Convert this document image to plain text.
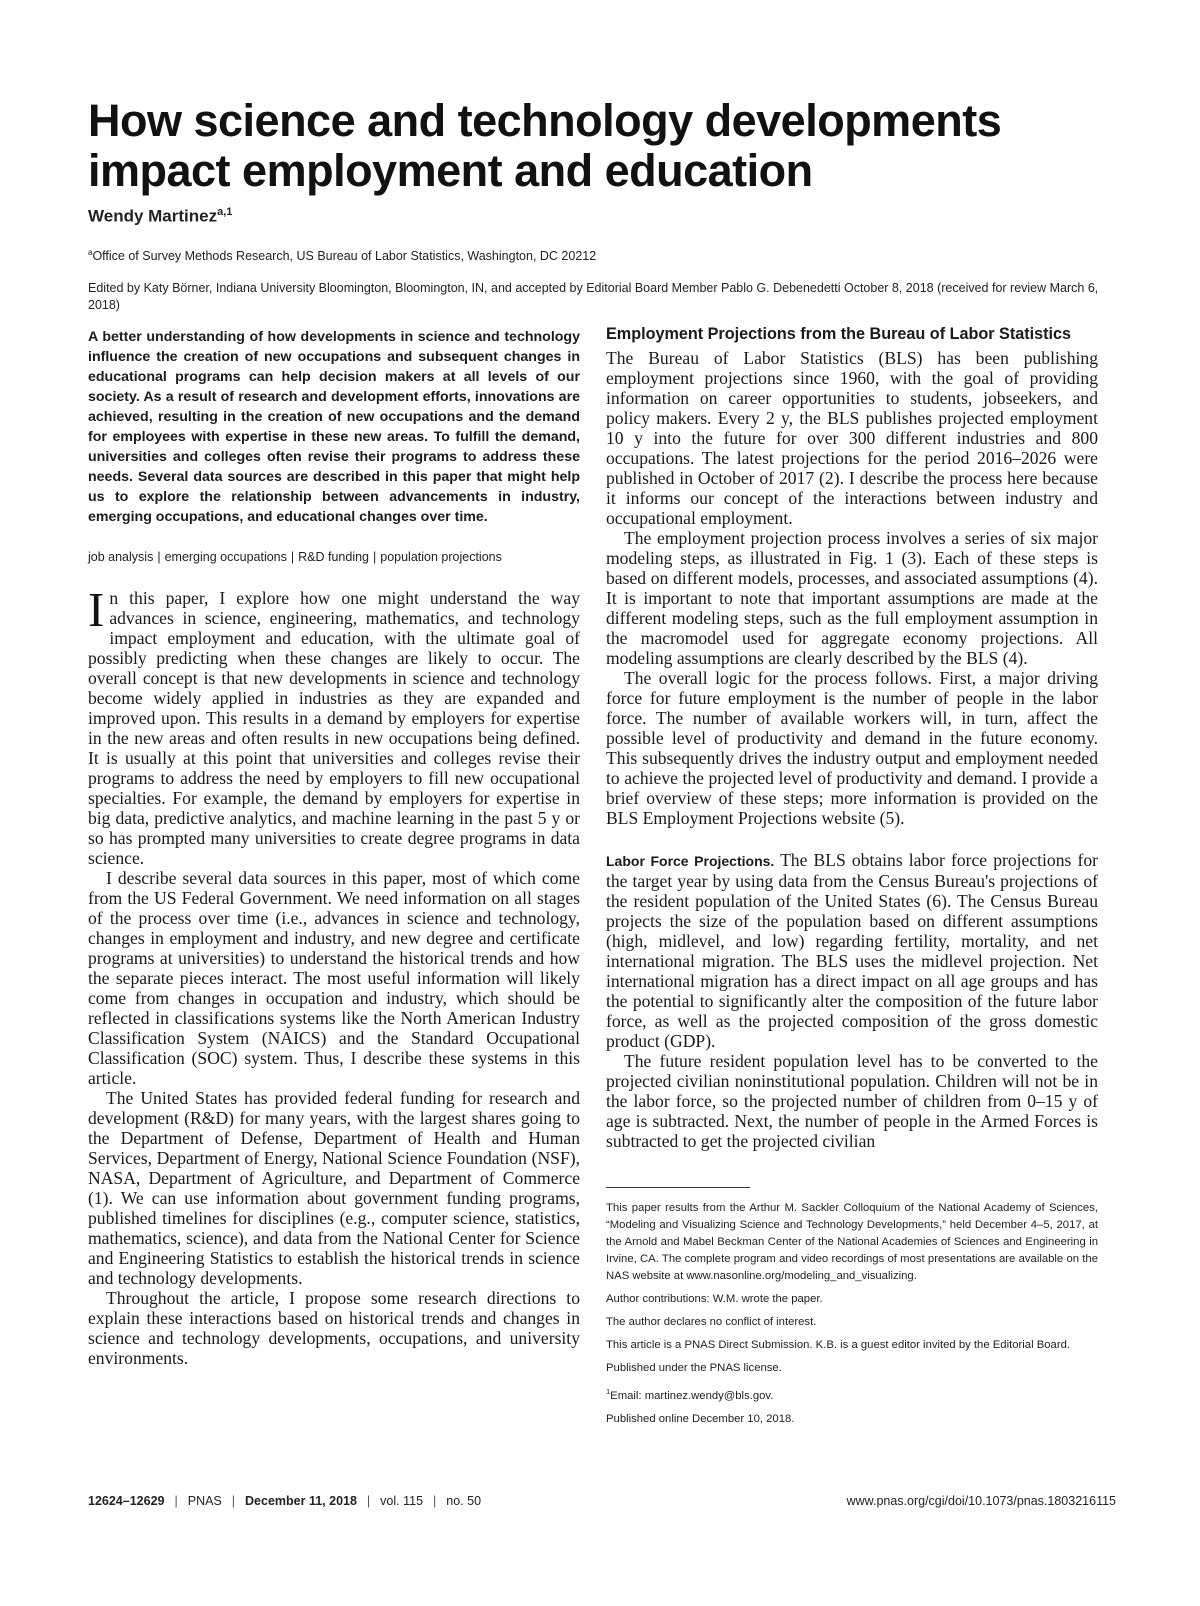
How science and technology developments impact employment and education
Wendy Martinez$^{a,1}$
$^a$Office of Survey Methods Research, US Bureau of Labor Statistics, Washington, DC 20212
Edited by Katy Börner, Indiana University Bloomington, Bloomington, IN, and accepted by Editorial Board Member Pablo G. Debenedetti October 8, 2018 (received for review March 6, 2018)

A better understanding of how developments in science and technology influence the creation of new occupations and subsequent changes in educational programs can help decision makers at all levels of our society. As a result of research and development efforts, innovations are achieved, resulting in the creation of new occupations and the demand for employees with expertise in these new areas. To fulfill the demand, universities and colleges often revise their programs to address these needs. Several data sources are described in this paper that might help us to explore the relationship between advancements in industry, emerging occupations, and educational changes over time.

job analysis | emerging occupations | R&D funding | population projections

In this paper, I explore how one might understand the way advances in science, engineering, mathematics, and technology impact employment and education, with the ultimate goal of possibly predicting when these changes are likely to occur. The overall concept is that new developments in science and technology become widely applied in industries as they are expanded and improved upon. This results in a demand by employers for expertise in the new areas and often results in new occupations being defined. It is usually at this point that universities and colleges revise their programs to address the need by employers to fill new occupational specialties. For example, the demand by employers for expertise in big data, predictive analytics, and machine learning in the past 5 y or so has prompted many universities to create degree programs in data science.

I describe several data sources in this paper, most of which come from the US Federal Government. We need information on all stages of the process over time (i.e., advances in science and technology, changes in employment and industry, and new degree and certificate programs at universities) to understand the historical trends and how the separate pieces interact. The most useful information will likely come from changes in occupation and industry, which should be reflected in classifications systems like the North American Industry Classification System (NAICS) and the Standard Occupational Classification (SOC) system. Thus, I describe these systems in this article.

The United States has provided federal funding for research and development (R&D) for many years, with the largest shares going to the Department of Defense, Department of Health and Human Services, Department of Energy, National Science Foundation (NSF), NASA, Department of Agriculture, and Department of Commerce (1). We can use information about government funding programs, published timelines for disciplines (e.g., computer science, statistics, mathematics, science), and data from the National Center for Science and Engineering Statistics to establish the historical trends in science and technology developments.

Throughout the article, I propose some research directions to explain these interactions based on historical trends and changes in science and technology developments, occupations, and university environments.

Employment Projections from the Bureau of Labor Statistics

The Bureau of Labor Statistics (BLS) has been publishing employment projections since 1960, with the goal of providing information on career opportunities to students, jobseekers, and policy makers. Every 2 y, the BLS publishes projected employment 10 y into the future for over 300 different industries and 800 occupations. The latest projections for the period 2016–2026 were published in October of 2017 (2). I describe the process here because it informs our concept of the interactions between industry and occupational employment.

The employment projection process involves a series of six major modeling steps, as illustrated in Fig. 1 (3). Each of these steps is based on different models, processes, and associated assumptions (4). It is important to note that important assumptions are made at the different modeling steps, such as the full employment assumption in the macromodel used for aggregate economy projections. All modeling assumptions are clearly described by the BLS (4).

The overall logic for the process follows. First, a major driving force for future employment is the number of people in the labor force. The number of available workers will, in turn, affect the possible level of productivity and demand in the future economy. This subsequently drives the industry output and employment needed to achieve the projected level of productivity and demand. I provide a brief overview of these steps; more information is provided on the BLS Employment Projections website (5).

Labor Force Projections. The BLS obtains labor force projections for the target year by using data from the Census Bureau's projections of the resident population of the United States (6). The Census Bureau projects the size of the population based on different assumptions (high, midlevel, and low) regarding fertility, mortality, and net international migration. The BLS uses the midlevel projection. Net international migration has a direct impact on all age groups and has the potential to significantly alter the composition of the future labor force, as well as the projected composition of the gross domestic product (GDP).

The future resident population level has to be converted to the projected civilian noninstitutional population. Children will not be in the labor force, so the projected number of children from 0–15 y of age is subtracted. Next, the number of people in the Armed Forces is subtracted to get the projected civilian

This paper results from the Arthur M. Sackler Colloquium of the National Academy of Sciences, “Modeling and Visualizing Science and Technology Developments,” held December 4–5, 2017, at the Arnold and Mabel Beckman Center of the National Academies of Sciences and Engineering in Irvine, CA. The complete program and video recordings of most presentations are available on the NAS website at www.nasonline.org/modeling_and_visualizing.

Author contributions: W.M. wrote the paper.

The author declares no conflict of interest.

This article is a PNAS Direct Submission. K.B. is a guest editor invited by the Editorial Board.

Published under the PNAS license.

$^1$Email: martinez.wendy@bls.gov.

Published online December 10, 2018.

12624–12629 | PNAS | December 11, 2018 | vol. 115 | no. 50	www.pnas.org/cgi/doi/10.1073/pnas.1803216115
